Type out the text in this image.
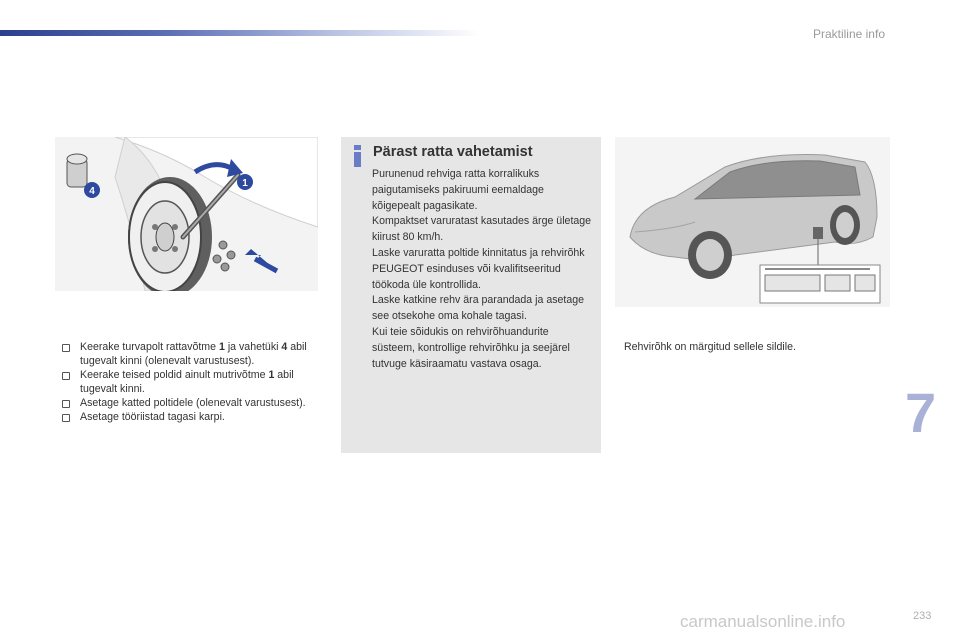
Praktiline info
1
4
Keerake turvapolt rattavõtme 1 ja vahetüki 4 abil tugevalt kinni (olenevalt varustusest).
Keerake teised poldid ainult mutrivõtme 1 abil tugevalt kinni.
Asetage katted poltidele (olenevalt varustusest).
Asetage tööriistad tagasi karpi.
Pärast ratta vahetamist
Purunenud rehviga ratta korralikuks paigutamiseks pakiruumi eemaldage kõigepealt pagasikate.
Kompaktset varuratast kasutades ärge ületage kiirust 80 km/h.
Laske varuratta poltide kinnitatus ja rehvirõhk PEUGEOT esinduses või kvalifitseeritud töökoda üle kontrollida.
Laske katkine rehv ära parandada ja asetage see otsekohe oma kohale tagasi.
Kui teie sõidukis on rehvirõhuandurite süsteem, kontrollige rehvirõhku ja seejärel tutvuge käsiraamatu vastava osaga.
Rehvirõhk on märgitud sellele sildile.
7
carmanualsonline.info	233
